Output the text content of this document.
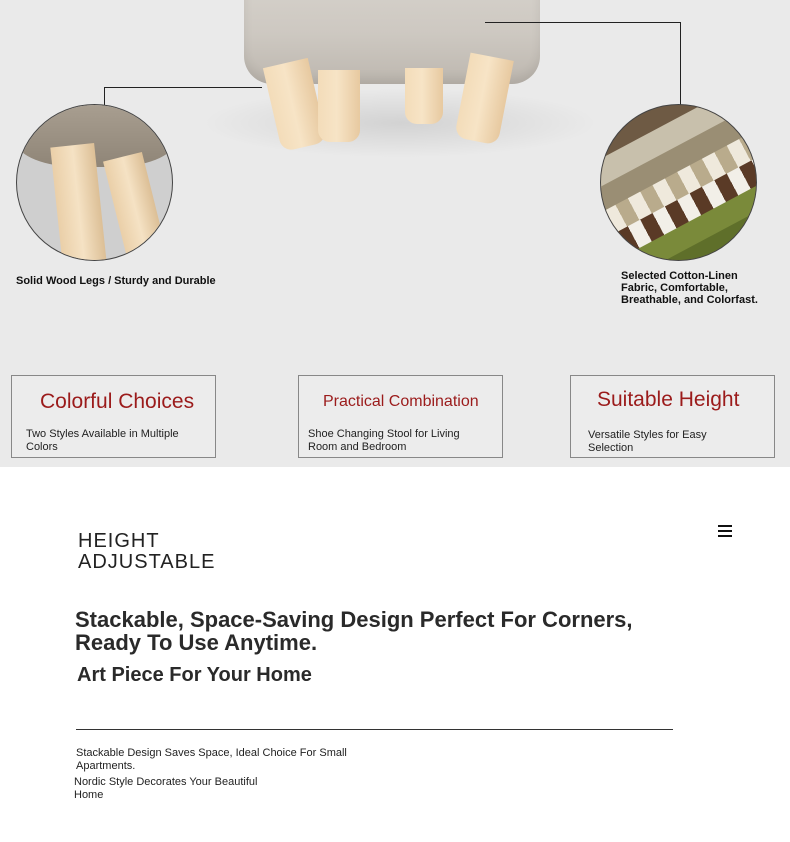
Solid Wood Legs / Sturdy and Durable	Selected Cotton-Linen Fabric, Comfortable, Breathable, and Colorfast.
Colorful Choices
Two Styles Available in Multiple Colors
Practical Combination
Shoe Changing Stool for Living Room and Bedroom
Suitable Height
Versatile Styles for Easy Selection
HEIGHT ADJUSTABLE
Stackable, Space-Saving Design Perfect For Corners, Ready To Use Anytime.
Art Piece For Your Home
Stackable Design Saves Space, Ideal Choice For Small Apartments.
Nordic Style Decorates Your Beautiful Home
